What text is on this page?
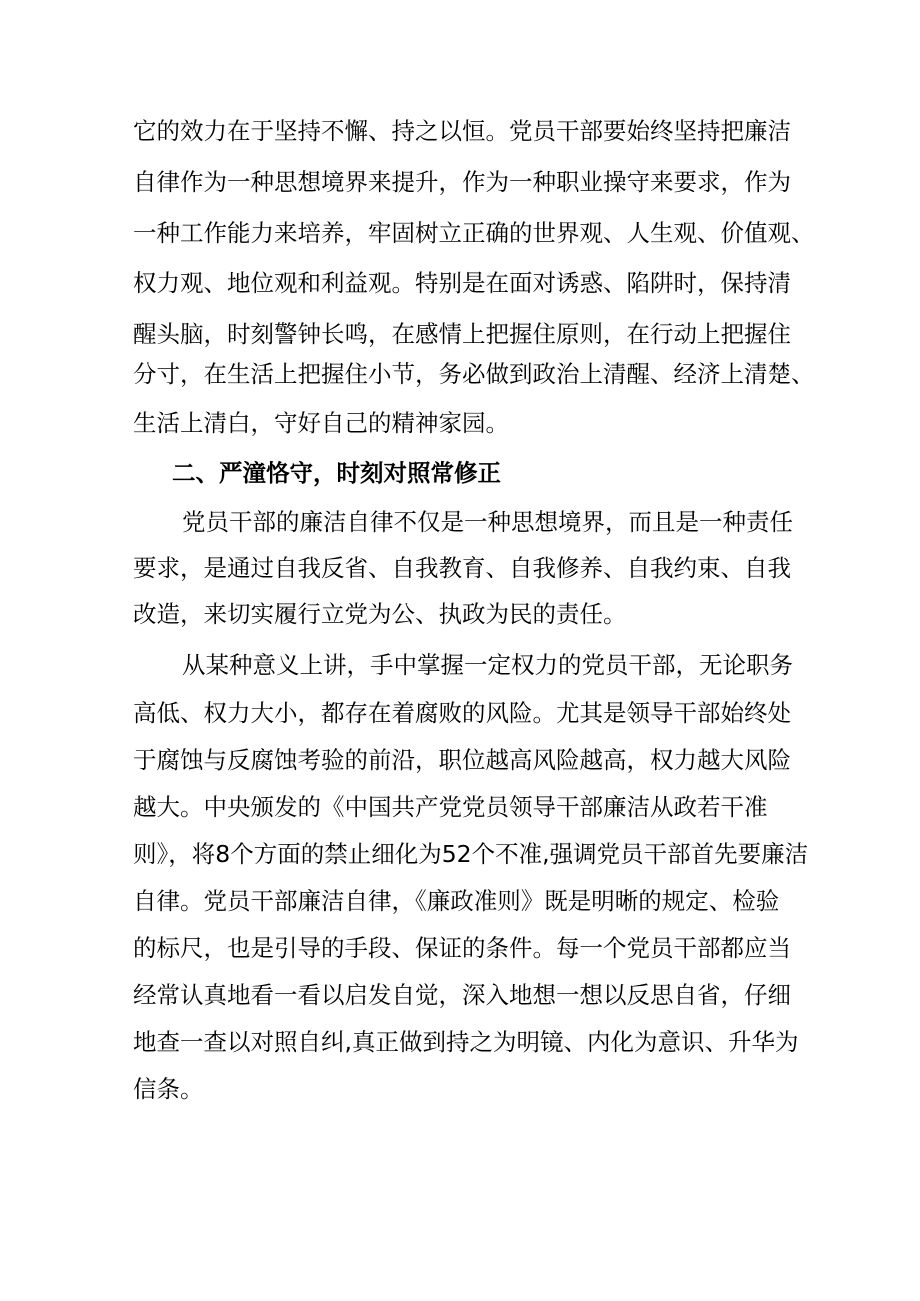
它的效力在于坚持不懈、持之以恒。党员干部要始终坚持把廉洁
自律作为一种思想境界来提升，作为一种职业操守来要求，作为
一种工作能力来培养，牢固树立正确的世界观、人生观、价值观、
权力观、地位观和利益观。特别是在面对诱惑、陷阱时，保持清
醒头脑，时刻警钟长鸣，在感情上把握住原则，在行动上把握住
分寸，在生活上把握住小节，务必做到政治上清醒、经济上清楚、
生活上清白，守好自己的精神家园。
二、严潼恪守，时刻对照常修正
党员干部的廉洁自律不仅是一种思想境界，而且是一种责任
要求，是通过自我反省、自我教育、自我修养、自我约束、自我
改造，来切实履行立党为公、执政为民的责任。
从某种意义上讲，手中掌握一定权力的党员干部，无论职务
高低、权力大小，都存在着腐败的风险。尤其是领导干部始终处
于腐蚀与反腐蚀考验的前沿，职位越高风险越高，权力越大风险
越大。中央颁发的《中国共产党党员领导干部廉洁从政若干准
则》，将8个方面的禁止细化为52个不准,强调党员干部首先要廉洁
自律。党员干部廉洁自律，《廉政准则》既是明晰的规定、检验
的标尺，也是引导的手段、保证的条件。每一个党员干部都应当
经常认真地看一看以启发自觉，深入地想一想以反思自省，仔细
地查一查以对照自纠,真正做到持之为明镜、内化为意识、升华为
信条。
